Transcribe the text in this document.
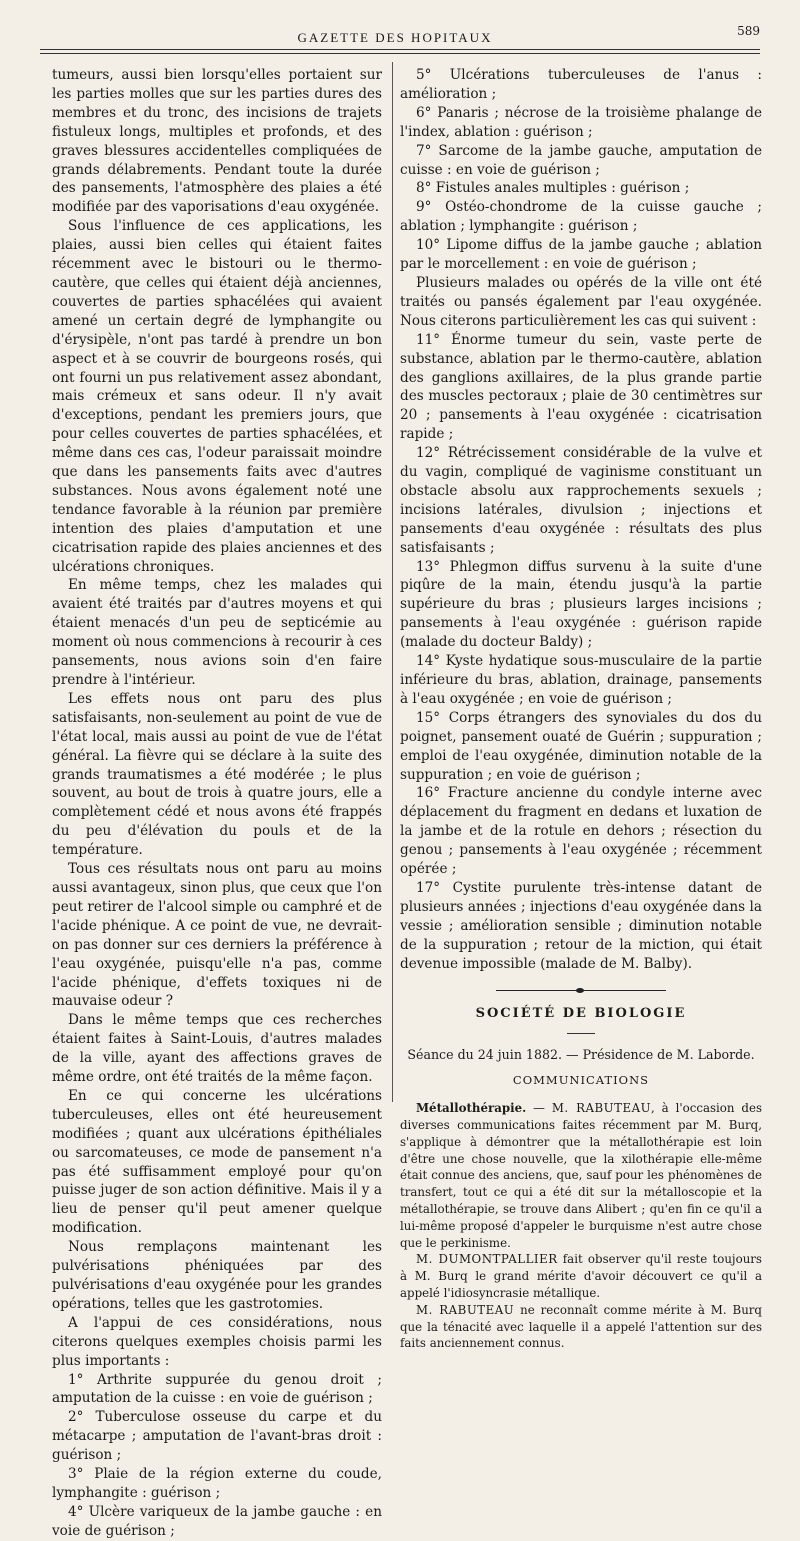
GAZETTE DES HOPITAUX	589

tumeurs, aussi bien lorsqu'elles portaient sur les parties molles que sur les parties dures des membres et du tronc, des incisions de trajets fistuleux longs, multiples et profonds, et des graves blessures accidentelles compliquées de grands délabrements. Pendant toute la durée des pansements, l'atmosphère des plaies a été modifiée par des vaporisations d'eau oxygénée.

Sous l'influence de ces applications, les plaies, aussi bien celles qui étaient faites récemment avec le bistouri ou le thermo-cautère, que celles qui étaient déjà anciennes, couvertes de parties sphacélées qui avaient amené un certain degré de lymphangite ou d'érysipèle, n'ont pas tardé à prendre un bon aspect et à se couvrir de bourgeons rosés, qui ont fourni un pus relativement assez abondant, mais crémeux et sans odeur. Il n'y avait d'exceptions, pendant les premiers jours, que pour celles couvertes de parties sphacélées, et même dans ces cas, l'odeur paraissait moindre que dans les pansements faits avec d'autres substances. Nous avons également noté une tendance favorable à la réunion par première intention des plaies d'amputation et une cicatrisation rapide des plaies anciennes et des ulcérations chroniques.

En même temps, chez les malades qui avaient été traités par d'autres moyens et qui étaient menacés d'un peu de septicémie au moment où nous commencions à recourir à ces pansements, nous avions soin d'en faire prendre à l'intérieur.

Les effets nous ont paru des plus satisfaisants, non-seulement au point de vue de l'état local, mais aussi au point de vue de l'état général. La fièvre qui se déclare à la suite des grands traumatismes a été modérée ; le plus souvent, au bout de trois à quatre jours, elle a complètement cédé et nous avons été frappés du peu d'élévation du pouls et de la température.

Tous ces résultats nous ont paru au moins aussi avantageux, sinon plus, que ceux que l'on peut retirer de l'alcool simple ou camphré et de l'acide phénique. A ce point de vue, ne devrait-on pas donner sur ces derniers la préférence à l'eau oxygénée, puisqu'elle n'a pas, comme l'acide phénique, d'effets toxiques ni de mauvaise odeur ?

Dans le même temps que ces recherches étaient faites à Saint-Louis, d'autres malades de la ville, ayant des affections graves de même ordre, ont été traités de la même façon.

En ce qui concerne les ulcérations tuberculeuses, elles ont été heureusement modifiées ; quant aux ulcérations épithéliales ou sarcomateuses, ce mode de pansement n'a pas été suffisamment employé pour qu'on puisse juger de son action définitive. Mais il y a lieu de penser qu'il peut amener quelque modification.

Nous remplaçons maintenant les pulvérisations phéniquées par des pulvérisations d'eau oxygénée pour les grandes opérations, telles que les gastrotomies.

A l'appui de ces considérations, nous citerons quelques exemples choisis parmi les plus importants :

1° Arthrite suppurée du genou droit ; amputation de la cuisse : en voie de guérison ;

2° Tuberculose osseuse du carpe et du métacarpe ; amputation de l'avant-bras droit : guérison ;

3° Plaie de la région externe du coude, lymphangite : guérison ;

4° Ulcère variqueux de la jambe gauche : en voie de guérison ;

5° Ulcérations tuberculeuses de l'anus : amélioration ;

6° Panaris ; nécrose de la troisième phalange de l'index, ablation : guérison ;

7° Sarcome de la jambe gauche, amputation de cuisse : en voie de guérison ;

8° Fistules anales multiples : guérison ;

9° Ostéo-chondrome de la cuisse gauche ; ablation ; lymphangite : guérison ;

10° Lipome diffus de la jambe gauche ; ablation par le morcellement : en voie de guérison ;

Plusieurs malades ou opérés de la ville ont été traités ou pansés également par l'eau oxygénée. Nous citerons particulièrement les cas qui suivent :

11° Énorme tumeur du sein, vaste perte de substance, ablation par le thermo-cautère, ablation des ganglions axillaires, de la plus grande partie des muscles pectoraux ; plaie de 30 centimètres sur 20 ; pansements à l'eau oxygénée : cicatrisation rapide ;

12° Rétrécissement considérable de la vulve et du vagin, compliqué de vaginisme constituant un obstacle absolu aux rapprochements sexuels ; incisions latérales, divulsion ; injections et pansements d'eau oxygénée : résultats des plus satisfaisants ;

13° Phlegmon diffus survenu à la suite d'une piqûre de la main, étendu jusqu'à la partie supérieure du bras ; plusieurs larges incisions ; pansements à l'eau oxygénée : guérison rapide (malade du docteur Baldy) ;

14° Kyste hydatique sous-musculaire de la partie inférieure du bras, ablation, drainage, pansements à l'eau oxygénée ; en voie de guérison ;

15° Corps étrangers des synoviales du dos du poignet, pansement ouaté de Guérin ; suppuration ; emploi de l'eau oxygénée, diminution notable de la suppuration ; en voie de guérison ;

16° Fracture ancienne du condyle interne avec déplacement du fragment en dedans et luxation de la jambe et de la rotule en dehors ; résection du genou ; pansements à l'eau oxygénée ; récemment opérée ;

17° Cystite purulente très-intense datant de plusieurs années ; injections d'eau oxygénée dans la vessie ; amélioration sensible ; diminution notable de la suppuration ; retour de la miction, qui était devenue impossible (malade de M. Balby).

SOCIÉTÉ DE BIOLOGIE
Séance du 24 juin 1882. — Présidence de M. Laborde.
COMMUNICATIONS

Métallothérapie. — M. RABUTEAU, à l'occasion des diverses communications faites récemment par M. Burq, s'applique à démontrer que la métallothérapie est loin d'être une chose nouvelle, que la xilothérapie elle-même était connue des anciens, que, sauf pour les phénomènes de transfert, tout ce qui a été dit sur la métalloscopie et la métallothérapie, se trouve dans Alibert ; qu'en fin ce qu'il a lui-même proposé d'appeler le burquisme n'est autre chose que le perkinisme.

M. DUMONTPALLIER fait observer qu'il reste toujours à M. Burq le grand mérite d'avoir découvert ce qu'il a appelé l'idiosyncrasie métallique.

M. RABUTEAU ne reconnaît comme mérite à M. Burq que la ténacité avec laquelle il a appelé l'attention sur des faits anciennement connus.
